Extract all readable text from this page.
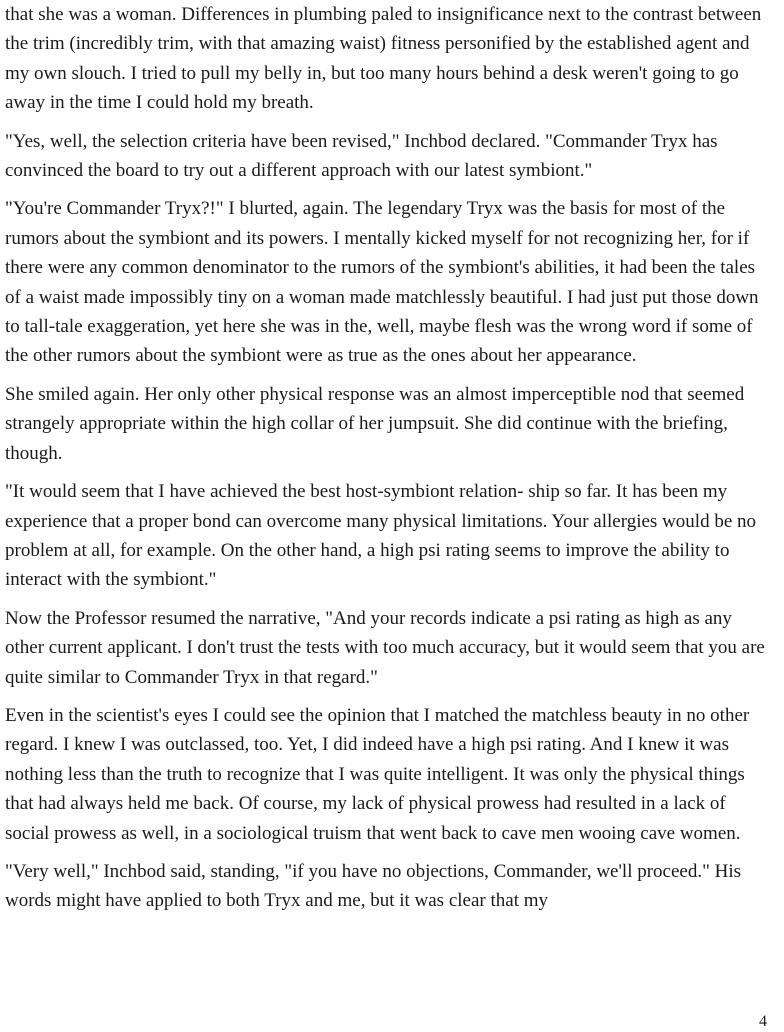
that she was a woman. Differences in plumbing paled to insignificance next to the contrast between the trim (incredibly trim, with that amazing waist) fitness personified by the established agent and my own slouch. I tried to pull my belly in, but too many hours behind a desk weren't going to go away in the time I could hold my breath.

"Yes, well, the selection criteria have been revised," Inchbod declared. "Commander Tryx has convinced the board to try out a different approach with our latest symbiont."

"You're Commander Tryx?!" I blurted, again. The legendary Tryx was the basis for most of the rumors about the symbiont and its powers. I mentally kicked myself for not recognizing her, for if there were any common denominator to the rumors of the symbiont's abilities, it had been the tales of a waist made impossibly tiny on a woman made matchlessly beautiful. I had just put those down to tall-tale exaggeration, yet here she was in the, well, maybe flesh was the wrong word if some of the other rumors about the symbiont were as true as the ones about her appearance.

She smiled again. Her only other physical response was an almost imperceptible nod that seemed strangely appropriate within the high collar of her jumpsuit. She did continue with the briefing, though.

"It would seem that I have achieved the best host-symbiont relation- ship so far. It has been my experience that a proper bond can overcome many physical limitations. Your allergies would be no problem at all, for example. On the other hand, a high psi rating seems to improve the ability to interact with the symbiont."

Now the Professor resumed the narrative, "And your records indicate a psi rating as high as any other current applicant. I don't trust the tests with too much accuracy, but it would seem that you are quite similar to Commander Tryx in that regard."

Even in the scientist's eyes I could see the opinion that I matched the matchless beauty in no other regard. I knew I was outclassed, too. Yet, I did indeed have a high psi rating. And I knew it was nothing less than the truth to recognize that I was quite intelligent. It was only the physical things that had always held me back. Of course, my lack of physical prowess had resulted in a lack of social prowess as well, in a sociological truism that went back to cave men wooing cave women.

"Very well," Inchbod said, standing, "if you have no objections, Commander, we'll proceed." His words might have applied to both Tryx and me, but it was clear that my

4
